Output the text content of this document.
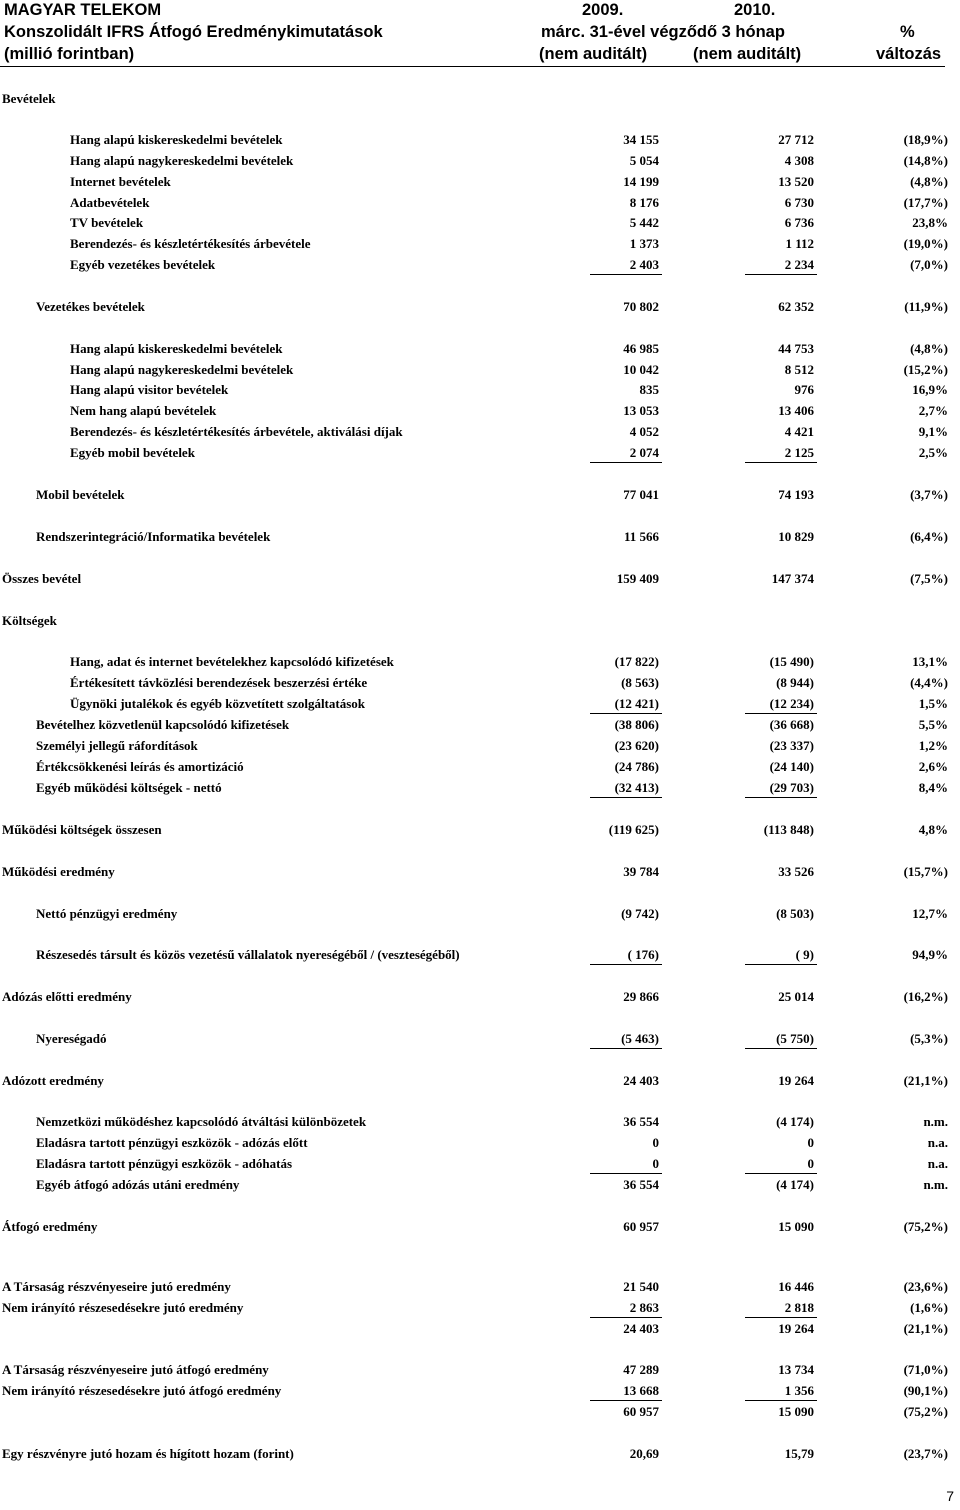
MAGYAR TELEKOM
Konszolidált IFRS Átfogó Eredménykimutatások
(millió forintban)
2009.	2010.
márc. 31-ével végződő 3 hónap
(nem auditált)	(nem auditált)
%
változás
Bevételek
Hang alapú kiskereskedelmi bevételek	34 155	27 712	(18,9%)
Hang alapú nagykereskedelmi bevételek	5 054	4 308	(14,8%)
Internet bevételek	14 199	13 520	(4,8%)
Adatbevételek	8 176	6 730	(17,7%)
TV bevételek	5 442	6 736	23,8%
Berendezés- és készletértékesítés árbevétele	1 373	1 112	(19,0%)
Egyéb vezetékes bevételek	2 403	2 234	(7,0%)
Vezetékes bevételek	70 802	62 352	(11,9%)
Hang alapú kiskereskedelmi bevételek	46 985	44 753	(4,8%)
Hang alapú nagykereskedelmi bevételek	10 042	8 512	(15,2%)
Hang alapú visitor bevételek	835	976	16,9%
Nem hang alapú bevételek	13 053	13 406	2,7%
Berendezés- és készletértékesítés árbevétele, aktiválási díjak	4 052	4 421	9,1%
Egyéb mobil bevételek	2 074	2 125	2,5%
Mobil bevételek	77 041	74 193	(3,7%)
Rendszerintegráció/Informatika bevételek	11 566	10 829	(6,4%)
Összes bevétel	159 409	147 374	(7,5%)
Költségek
Hang, adat és internet bevételekhez kapcsolódó kifizetések	(17 822)	(15 490)	13,1%
Értékesített távközlési berendezések beszerzési értéke	(8 563)	(8 944)	(4,4%)
Ügynöki jutalékok és egyéb közvetített szolgáltatások	(12 421)	(12 234)	1,5%
Bevételhez közvetlenül kapcsolódó kifizetések	(38 806)	(36 668)	5,5%
Személyi jellegű ráfordítások	(23 620)	(23 337)	1,2%
Értékcsökkenési leírás és amortizáció	(24 786)	(24 140)	2,6%
Egyéb működési költségek - nettó	(32 413)	(29 703)	8,4%
Működési költségek összesen	(119 625)	(113 848)	4,8%
Működési eredmény	39 784	33 526	(15,7%)
Nettó pénzügyi eredmény	(9 742)	(8 503)	12,7%
Részesedés társult és közös vezetésű vállalatok nyereségéből / (veszteségéből)	( 176)	( 9)	94,9%
Adózás előtti eredmény	29 866	25 014	(16,2%)
Nyereségadó	(5 463)	(5 750)	(5,3%)
Adózott eredmény	24 403	19 264	(21,1%)
Nemzetközi működéshez kapcsolódó átváltási különbözetek	36 554	(4 174)	n.m.
Eladásra tartott pénzügyi eszközök - adózás előtt	0	0	n.a.
Eladásra tartott pénzügyi eszközök - adóhatás	0	0	n.a.
Egyéb átfogó adózás utáni eredmény	36 554	(4 174)	n.m.
Átfogó eredmény	60 957	15 090	(75,2%)
A Társaság részvényeseire jutó eredmény	21 540	16 446	(23,6%)
Nem irányító részesedésekre jutó eredmény	2 863	2 818	(1,6%)
24 403	19 264	(21,1%)
A Társaság részvényeseire jutó átfogó eredmény	47 289	13 734	(71,0%)
Nem irányító részesedésekre jutó átfogó eredmény	13 668	1 356	(90,1%)
60 957	15 090	(75,2%)
Egy részvényre jutó hozam és hígított hozam (forint)	20,69	15,79	(23,7%)
7
